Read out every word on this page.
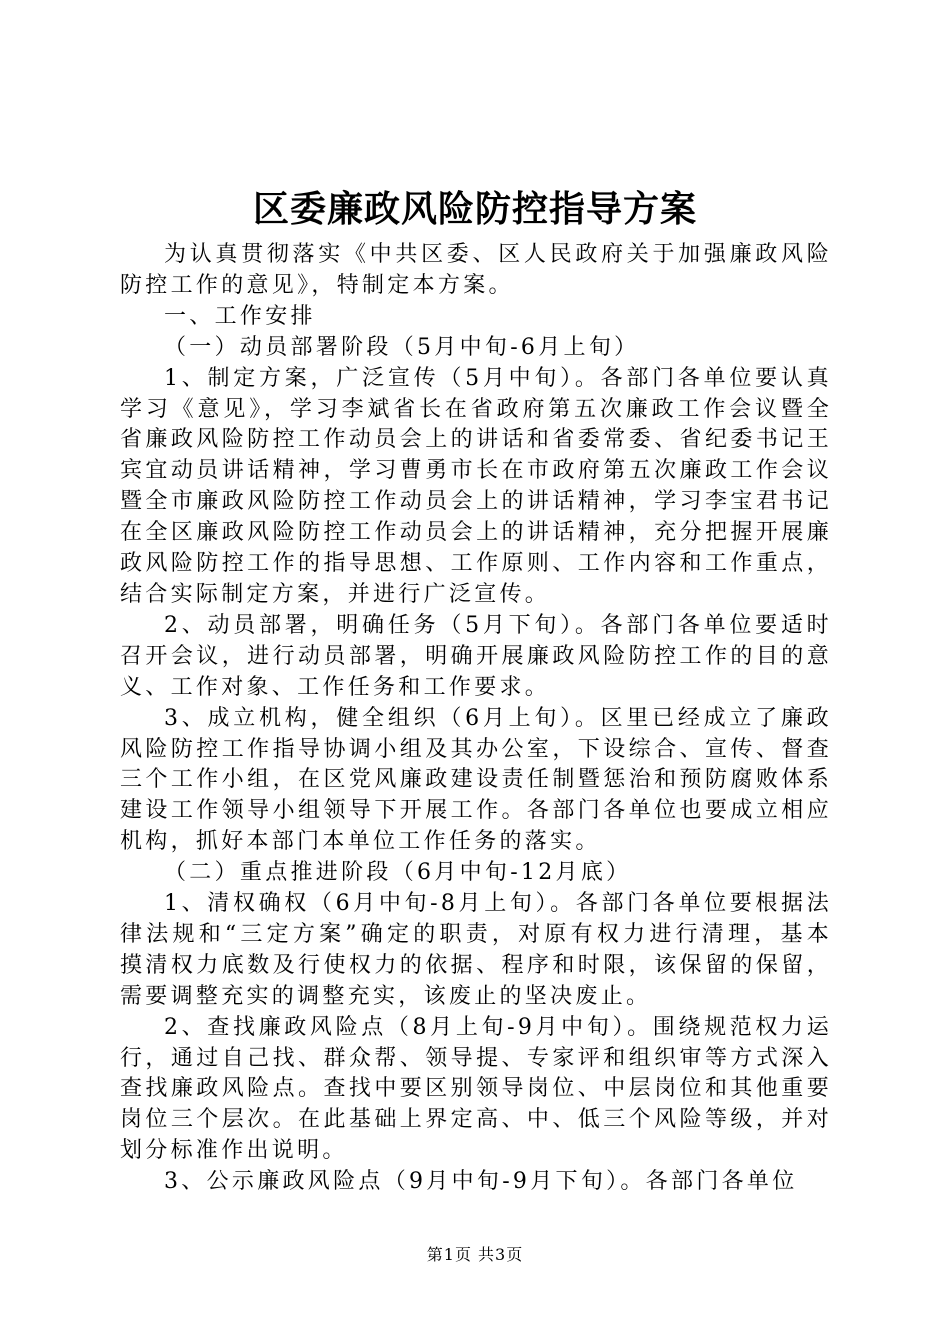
区委廉政风险防控指导方案

为认真贯彻落实《中共区委、区人民政府关于加强廉政风险防控工作的意见》，特制定本方案。

一、工作安排

（一）动员部署阶段（5月中旬-6月上旬）

1、制定方案，广泛宣传（5月中旬）。各部门各单位要认真学习《意见》，学习李斌省长在省政府第五次廉政工作会议暨全省廉政风险防控工作动员会上的讲话和省委常委、省纪委书记王宾宜动员讲话精神，学习曹勇市长在市政府第五次廉政工作会议暨全市廉政风险防控工作动员会上的讲话精神，学习李宝君书记在全区廉政风险防控工作动员会上的讲话精神，充分把握开展廉政风险防控工作的指导思想、工作原则、工作内容和工作重点，结合实际制定方案，并进行广泛宣传。

2、动员部署，明确任务（5月下旬）。各部门各单位要适时召开会议，进行动员部署，明确开展廉政风险防控工作的目的意义、工作对象、工作任务和工作要求。

3、成立机构，健全组织（6月上旬）。区里已经成立了廉政风险防控工作指导协调小组及其办公室，下设综合、宣传、督查三个工作小组，在区党风廉政建设责任制暨惩治和预防腐败体系建设工作领导小组领导下开展工作。各部门各单位也要成立相应机构，抓好本部门本单位工作任务的落实。

（二）重点推进阶段（6月中旬-12月底）

1、清权确权（6月中旬-8月上旬）。各部门各单位要根据法律法规和“三定方案”确定的职责，对原有权力进行清理，基本摸清权力底数及行使权力的依据、程序和时限，该保留的保留，需要调整充实的调整充实，该废止的坚决废止。

2、查找廉政风险点（8月上旬-9月中旬）。围绕规范权力运行，通过自己找、群众帮、领导提、专家评和组织审等方式深入查找廉政风险点。查找中要区别领导岗位、中层岗位和其他重要岗位三个层次。在此基础上界定高、中、低三个风险等级，并对划分标准作出说明。

3、公示廉政风险点（9月中旬-9月下旬）。各部门各单位

第1页 共3页
